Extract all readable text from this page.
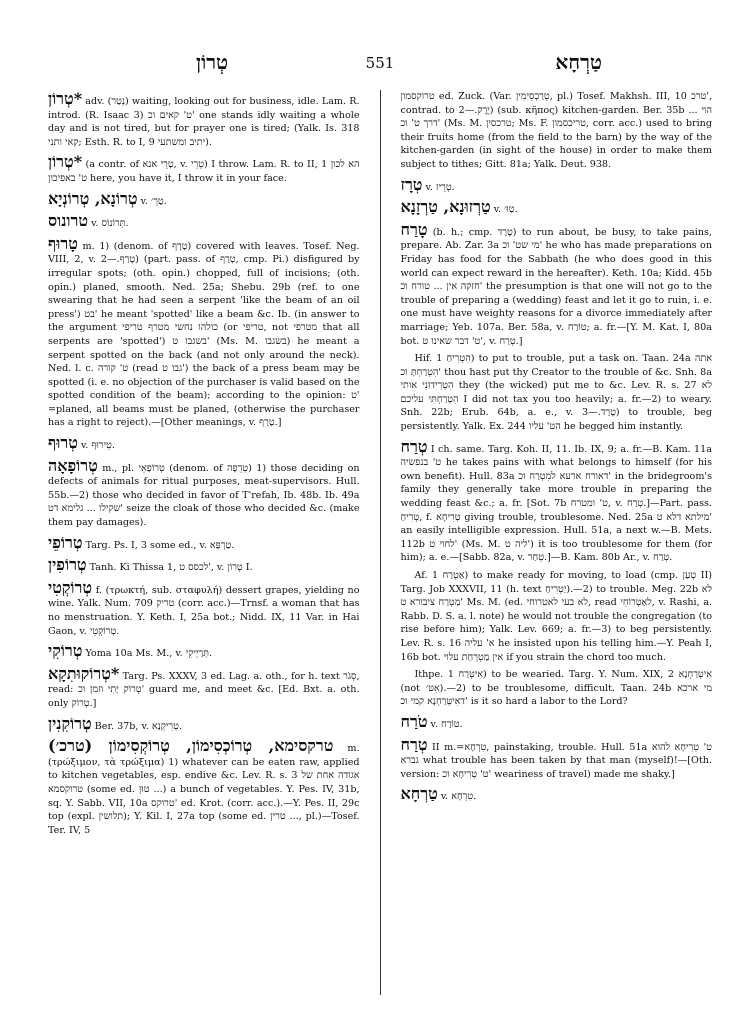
טְרוֹן	551	טַרְחָא

*טְרוֹן adv. (נְטַר) waiting, looking out for business, idle. Lam. R. introd. (R. Isaac 3) ט' קאים וכ' one stands idly waiting a whole day and is not tired, but for prayer one is tired; (Yalk. Is. 318 קאי ותני; Esth. R. to I, 9 יתיב ומשתעי).

*טְרוֹן (a contr. of טָרֵי אנא, v. טְרֵי) I throw. Lam. R. to II, 1 הא לכון ט' באפיכון here, you have it, I throw it in your face.

טְרוֹנָא, טְרוֹנְיָא v. טַרְ׳.

טרונוס v. תְּרוֹנוֹס.

טָרוּף m. 1) (denom. of טָרָף) covered with leaves. Tosef. Neg. VIII, 2, v. טָרַף.—2) (part. pass. of טָרַף, cmp. Pi.) disfigured by irregular spots; (oth. opin.) chopped, full of incisions; (oth. opin.) planed, smooth. Ned. 25a; Shebu. 29b (ref. to one swearing that he had seen a serpent 'like the beam of an oil press') בט' he meant 'spotted' like a beam &c. Ib. (in answer to the argument כולהו נחשי מטרף טריפי (or טריפי, not מטרפי that all serpents are 'spotted') בשגבו ט' (Ms. M. בשגבו) he meant a serpent spotted on the back (and not only around the neck). Ned. l. c. ט' קורה (read גבו ט') the back of a press beam may be spotted (i. e. no objection of the purchaser is valid based on the spotted condition of the beam); according to the opinion: ט' =planed, all beams must be planed, (otherwise the purchaser has a right to reject).—[Other meanings, v. טָרַף.]

טְרוּף v. טֵירוּף.

טְרוֹפָאָה m., pl. טְרוֹפָאֵי (denom. of טְרֵפָה) 1) those deciding on defects of animals for ritual purposes, meat-supervisors. Hull. 55b.—2) those who decided in favor of T'refah, Ib. 48b. Ib. 49a שקילו ... גלימא דט' seize the cloak of those who decided &c. (make them pay damages).

טְרוֹפֵי Targ. Ps. I, 3 some ed., v. טַרְפָּא.

טְרוֹפִין Tanh. Ki Thissa 1, לכסס ט', v. טְרוֹן I.

טְרוֹקְטִי f. (τρωκτή, sub. σταφυλή) dessert grapes, yielding no wine. Yalk. Num. 709 טריק (corr. acc.)—Trnsf. a woman that has no menstruation. Y. Keth. I, 25a bot.; Nidd. IX, 11 Var. in Hai Gaon, v. טְרוֹקְטֵי.

טְרוֹקִי Yoma 10a Ms. M., v. תְּרַיְיקִי.

*טְרוֹקוּתִקָא Targ. Ps. XXXV, 3 ed. Lag. a. oth., for h. text סְגֹר, read: טְרוֹק יָתִי וזמן וכ' guard me, and meet &c. [Ed. Bxt. a. oth. only טְרוֹק.]

טְרוֹקִנִין Ber. 37b, v. טְרִיקְנָא.

טרקסימא, טְרוֹכְסִימוֹן, טְרוֹקְסִימוֹן (טרכ׳) m. (τρώξιμον, τὰ τρώξιμα) 1) whatever can be eaten raw, applied to kitchen vegetables, esp. endive &c. Lev. R. s. 3 אגודה אחת של טרוקסמא (some ed. טוּן ...) a bunch of vegetables. Y. Pes. IV, 31b, sq. Y. Sabb. VII, 10a טרוקס' ed. Krot. (corr. acc.).—Y. Pes. II, 29c top (expl. תלושין); Y. Kil. I, 27a top (some ed. טרין ..., pl.)—Tosef. Ter. IV, 5

טרוקסמון ed. Zuck. (Var. טְרַכְסִימִין, pl.) Tosef. Makhsh. III, 10 טרכ', contrad. to יֶרֶק.—2) (sub. κῆπος) kitchen-garden. Ber. 35b הוי ... דרך ט' וכ' (Ms. M. טרכסין; Ms. F. טריכסמון, corr. acc.) used to bring their fruits home (from the field to the barn) by the way of the kitchen-garden (in sight of the house) in order to make them subject to tithes; Gitt. 81a; Yalk. Deut. 938.

טְרָז v. טְרֵיז.

טַרְזוּנָא, טַרְזָנָא v. טַוּ׳.

טָרַח (b. h.; cmp. טָרַד) to run about, be busy, to take pains, prepare. Ab. Zar. 3a מי שט' וכ' he who has made preparations on Friday has food for the Sabbath (he who does good in this world can expect reward in the hereafter). Keth. 10a; Kidd. 45b חזקה אין ... טורח וכ' the presumption is that one will not go to the trouble of preparing a (wedding) feast and let it go to ruin, i. e. one must have weighty reasons for a divorce immediately after marriage; Yeb. 107a. Ber. 58a, v. טוֹרַח; a. fr.—[Y. M. Kat. I, 80a bot. ט' דבר שאינו ט', v. טְרַח.]

Hif. הִטְרִיחַ 1) to put to trouble, put a task on. Taan. 24a אתה הִטְרַחְתָּ וכ' thou hast put thy Creator to the trouble of &c. Snh. 8a הִטְרִידוּנִי אותי they (the wicked) put me to &c. Lev. R. s. 27 לא הִטְרַחְתִּי עליכם I did not tax you too heavily; a. fr.—2) to weary. Snh. 22b; Erub. 64b, a. e., v. טָרַד.—3) to trouble, beg persistently. Yalk. Ex. 244 הט' עליו he begged him instantly.

טְרַח I ch. same. Targ. Koh. II, 11. Ib. IX, 9; a. fr.—B. Kam. 11a ט' בנפשיה he takes pains with what belongs to himself (for his own benefit). Hull. 83a דאורח ארעא למִטְרַח וכ' in the bridegroom's family they generally take more trouble in preparing the wedding feast &c.; a. fr. [Sot. 7b ט' ומטרח, v. טְרַח.]—Part. pass. טְרִיחַ, f. טְרִיחָא giving trouble, troublesome. Ned. 25a מילתא דלא ט' an easily intelligible expression. Hull. 51a, a next w.—B. Mets. 112b לחוי ט' (Ms. M. ליה ט') it is too troublesome for them (for him); a. e.—[Sabb. 82a, v. טְחַר.]—B. Kam. 80b Ar., v. טְרַח.

Af. אַטְרַח 1) to make ready for moving, to load (cmp. טְעַן II) Targ. Job XXXVII, 11 (h. text יַטְרִיחַ).—2) to trouble. Meg. 22b לא מַטְרַח ציבורא ט' Ms. M. (ed. לא בעי לאטרוחי, read לאַטְרוֹחֵי, v. Rashi, a. Rabb. D. S. a. l. note) he would not trouble the congregation (to rise before him); Yalk. Lev. 669; a. fr.—3) to beg persistently. Lev. R. s. 16 א' עליה he insisted upon his telling him.—Y. Peah I, 16b bot. אין מַטְרְחַת עלוי if you strain the chord too much.

Ithpe. אִיטְּרַח 1) to be wearied. Targ. Y. Num. XIX, 2 אִיטְּרַחְנָא (not אִטּ׳).—2) to be troublesome, difficult. Taan. 24b מי ארכא דאִיטְּרַחְנָא קמי וכ' is it so hard a labor to the Lord?

טֹרַח v. טוֹרַח.

טְרַח II m.=טִרְחָא, painstaking, trouble. Hull. 51a ט' טְרִיחָא להוא גברא what trouble has been taken by that man (myself)!—[Oth. version: ט' טְרִיחָא וכ' weariness of travel) made me shaky.]

טַרְחָא v. טִרְחָא.
